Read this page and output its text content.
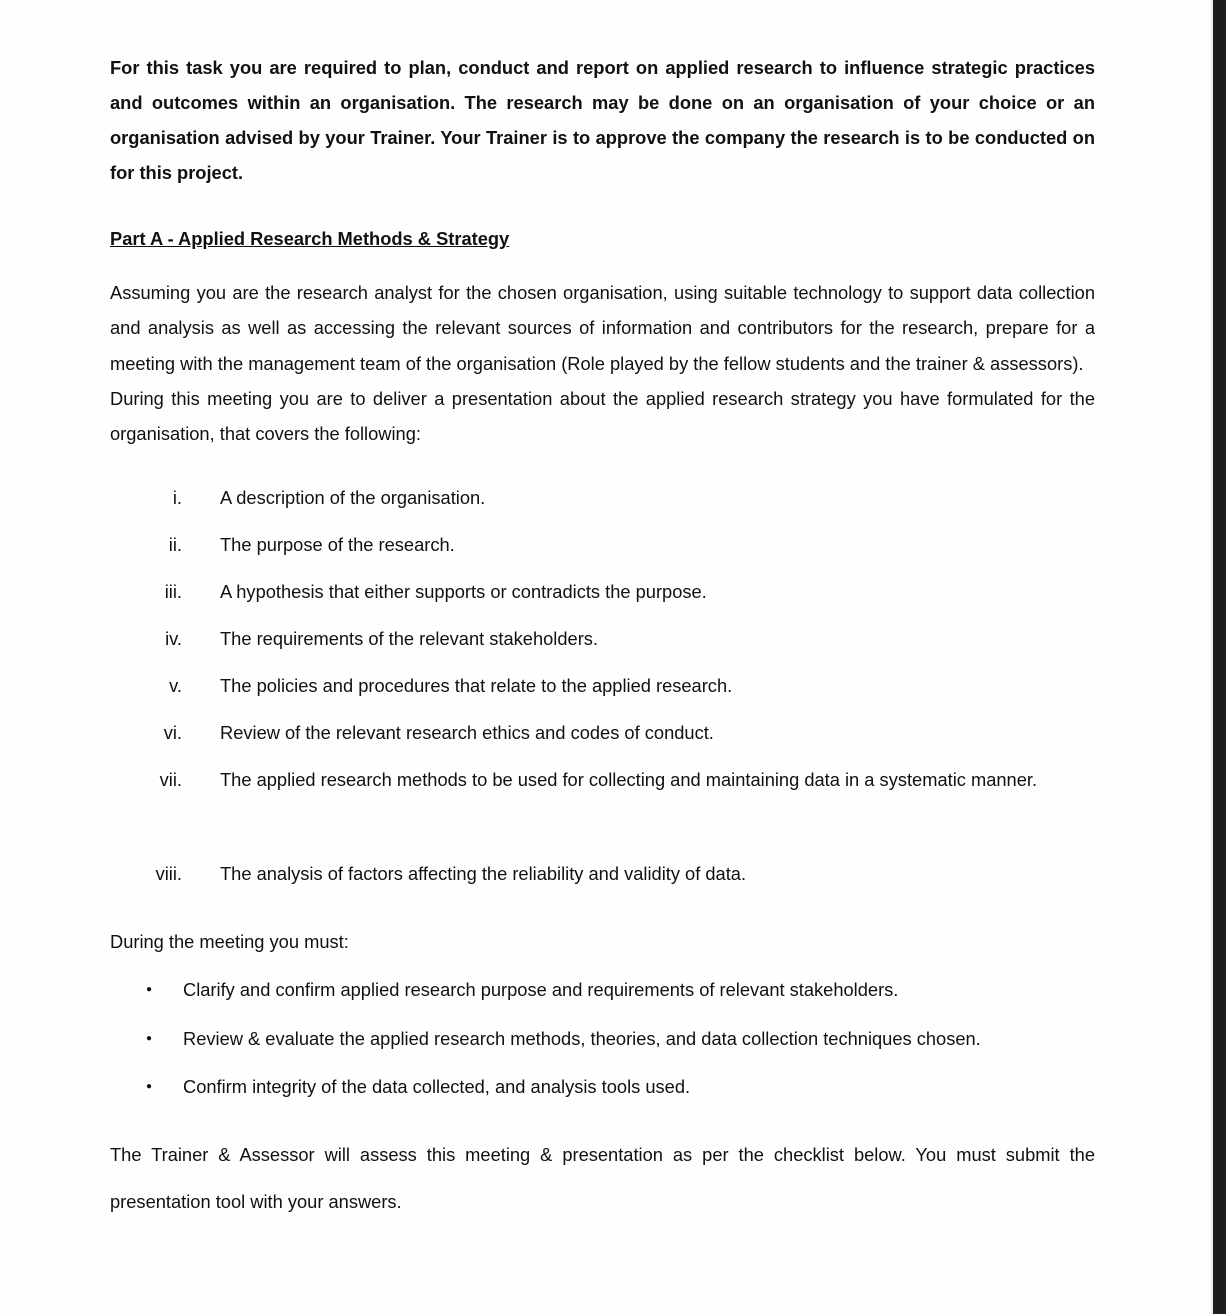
For this task you are required to plan, conduct and report on applied research to influence strategic practices and outcomes within an organisation. The research may be done on an organisation of your choice or an organisation advised by your Trainer. Your Trainer is to approve the company the research is to be conducted on for this project.
Part A - Applied Research Methods & Strategy
Assuming you are the research analyst for the chosen organisation, using suitable technology to support data collection and analysis as well as accessing the relevant sources of information and contributors for the research, prepare for a meeting with the management team of the organisation (Role played by the fellow students and the trainer & assessors).
During this meeting you are to deliver a presentation about the applied research strategy you have formulated for the organisation, that covers the following:
i. A description of the organisation.
ii. The purpose of the research.
iii. A hypothesis that either supports or contradicts the purpose.
iv. The requirements of the relevant stakeholders.
v. The policies and procedures that relate to the applied research.
vi. Review of the relevant research ethics and codes of conduct.
vii. The applied research methods to be used for collecting and maintaining data in a systematic manner.
viii. The analysis of factors affecting the reliability and validity of data.
During the meeting you must:
● Clarify and confirm applied research purpose and requirements of relevant stakeholders.
● Review & evaluate the applied research methods, theories, and data collection techniques chosen.
● Confirm integrity of the data collected, and analysis tools used.
The Trainer & Assessor will assess this meeting & presentation as per the checklist below. You must submit the presentation tool with your answers.
